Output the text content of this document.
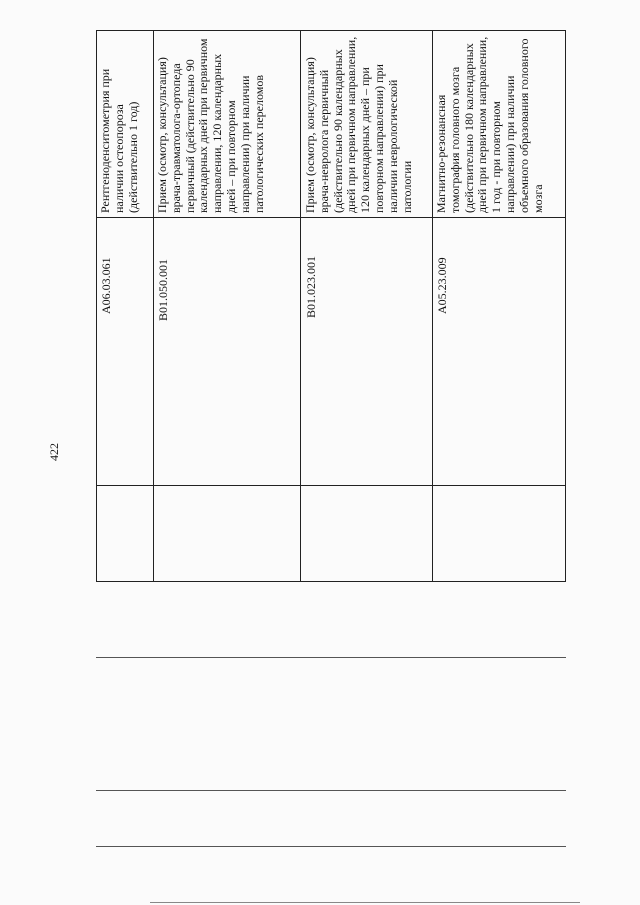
422
Рентгеноденситометрия при наличии остеопороза (действительно 1 год)
A06.03.061
Прием (осмотр, консультация) врача-травматолога-ортопеда первичный (действительно 90 календарных дней при первичном направлении, 120 календарных дней – при повторном направлении) при наличии патологических переломов
B01.050.001
Прием (осмотр, консультация) врача-невролога первичный (действительно 90 календарных дней при первичном направлении, 120 календарных дней – при повторном направлении) при наличии неврологической патологии
B01.023.001
Магнитно-резонансная томография головного мозга (действительно 180 календарных дней при первичном направлении, 1 год - при повторном направлении) при наличии объемного образования головного мозга
A05.23.009
